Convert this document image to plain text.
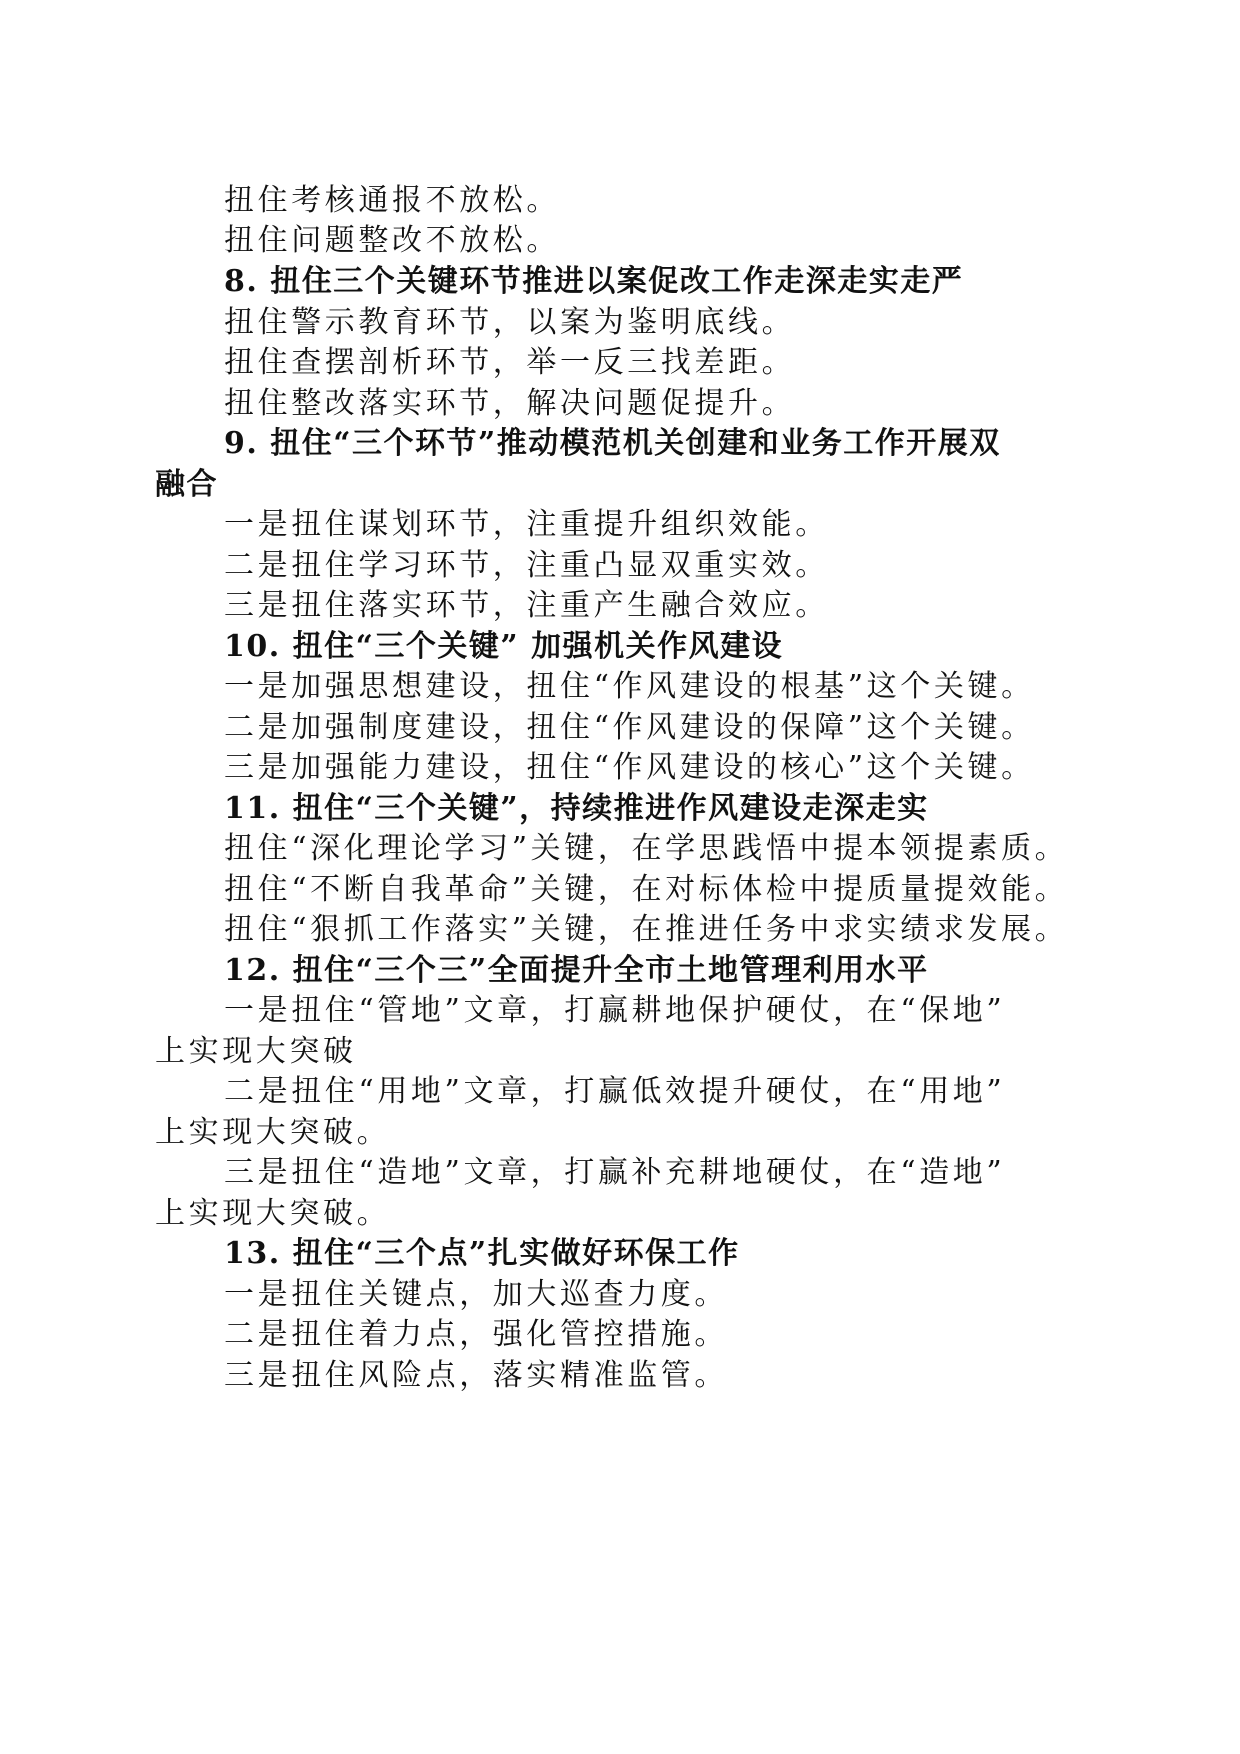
扭住考核通报不放松。
扭住问题整改不放松。
8. 扭住三个关键环节推进以案促改工作走深走实走严
扭住警示教育环节，以案为鉴明底线。
扭住查摆剖析环节，举一反三找差距。
扭住整改落实环节，解决问题促提升。
9. 扭住“三个环节”推动模范机关创建和业务工作开展双
融合
一是扭住谋划环节，注重提升组织效能。
二是扭住学习环节，注重凸显双重实效。
三是扭住落实环节，注重产生融合效应。
10. 扭住“三个关键” 加强机关作风建设
一是加强思想建设，扭住“作风建设的根基”这个关键。
二是加强制度建设，扭住“作风建设的保障”这个关键。
三是加强能力建设，扭住“作风建设的核心”这个关键。
11. 扭住“三个关键”，持续推进作风建设走深走实
扭住“深化理论学习”关键，在学思践悟中提本领提素质。
扭住“不断自我革命”关键，在对标体检中提质量提效能。
扭住“狠抓工作落实”关键，在推进任务中求实绩求发展。
12. 扭住“三个三”全面提升全市土地管理利用水平
一是扭住“管地”文章，打赢耕地保护硬仗，在“保地”
上实现大突破
二是扭住“用地”文章，打赢低效提升硬仗，在“用地”
上实现大突破。
三是扭住“造地”文章，打赢补充耕地硬仗，在“造地”
上实现大突破。
13. 扭住“三个点”扎实做好环保工作
一是扭住关键点，加大巡查力度。
二是扭住着力点，强化管控措施。
三是扭住风险点，落实精准监管。
